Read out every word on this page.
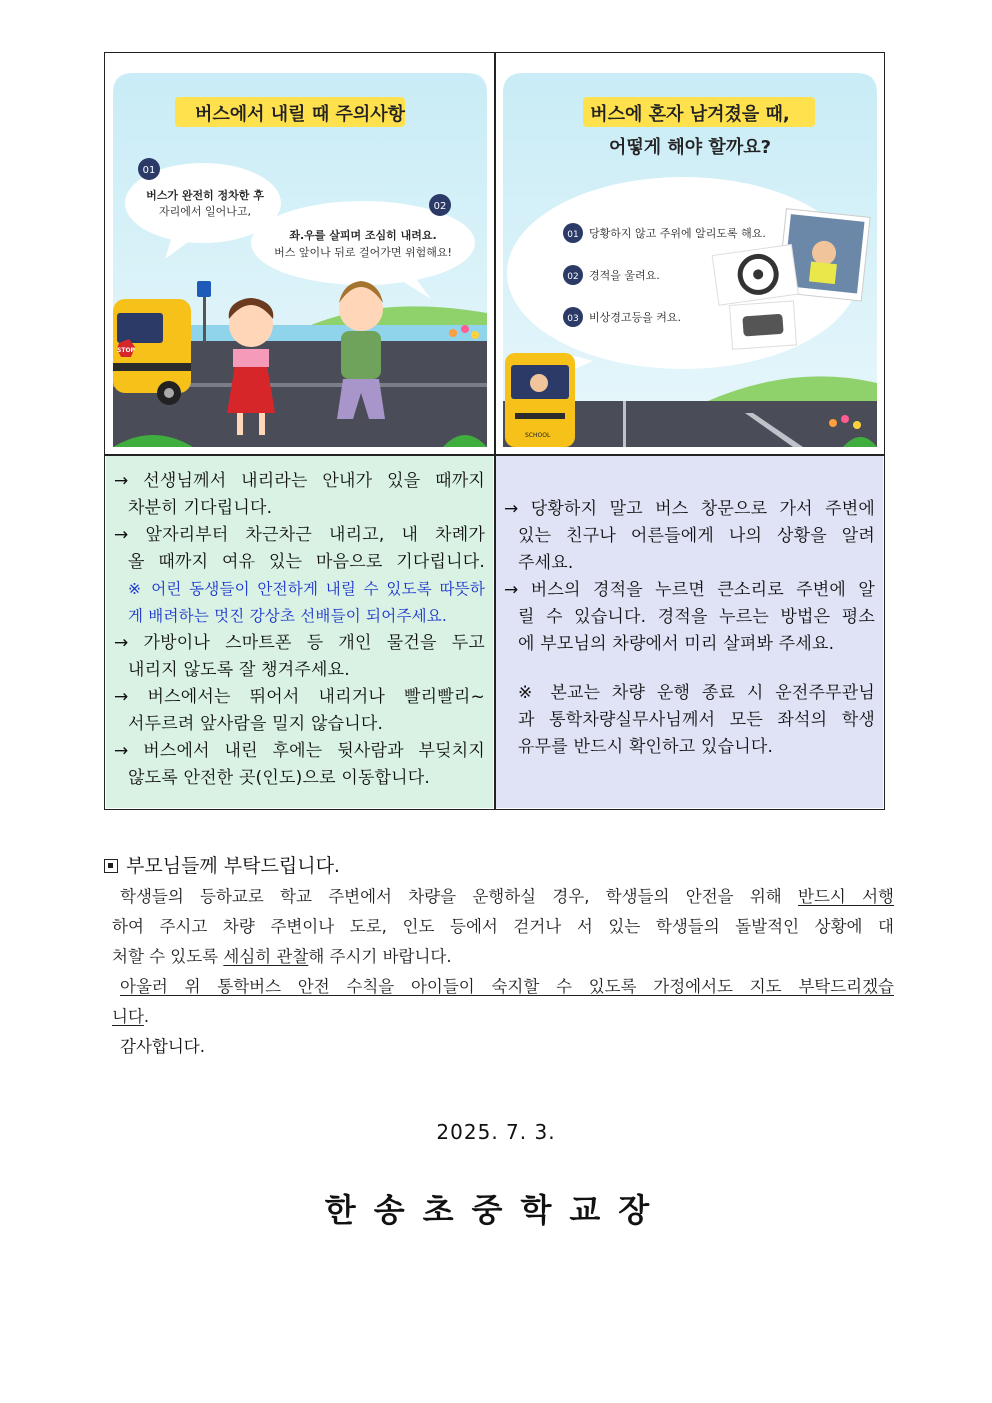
버스에서 내릴 때 주의사항
01
버스가 완전히 정차한 후
자리에서 일어나고,	02
좌.우를 살피며 조심히 내려요.
버스 앞이나 뒤로 걸어가면 위험해요!
STOP
버스에 혼자 남겨졌을 때,
어떻게 해야 할까요?
01 당황하지 않고 주위에 알리도록 해요.
02 경적을 울려요.
03 비상경고등을 켜요.
SCHOOL

→ 선생님께서 내리라는 안내가 있을 때까지

차분히 기다립니다.

→ 앞자리부터 차근차근 내리고, 내 차례가

올 때까지 여유 있는 마음으로 기다립니다.

※ 어린 동생들이 안전하게 내릴 수 있도록 따뜻하

게 배려하는 멋진 강상초 선배들이 되어주세요.

→ 가방이나 스마트폰 등 개인 물건을 두고

내리지 않도록 잘 챙겨주세요.

→ 버스에서는 뛰어서 내리거나 빨리빨리~

서두르려 앞사람을 밀지 않습니다.

→ 버스에서 내린 후에는 뒷사람과 부딪치지

않도록 안전한 곳(인도)으로 이동합니다.

→ 당황하지 말고 버스 창문으로 가서 주변에

있는 친구나 어른들에게 나의 상황을 알려

주세요.

→ 버스의 경적을 누르면 큰소리로 주변에 알

릴 수 있습니다. 경적을 누르는 방법은 평소

에 부모님의 차량에서 미리 살펴봐 주세요.

※ 본교는 차량 운행 종료 시 운전주무관님

과 통학차량실무사님께서 모든 좌석의 학생

유무를 반드시 확인하고 있습니다.

부모님들께 부탁드립니다.
학생들의 등하교로 학교 주변에서 차량을 운행하실 경우, 학생들의 안전을 위해 반드시 서행
하여 주시고 차량 주변이나 도로, 인도 등에서 걷거나 서 있는 학생들의 돌발적인 상황에 대
처할 수 있도록 세심히 관찰해 주시기 바랍니다.
아울러 위 통학버스 안전 수칙을 아이들이 숙지할 수 있도록 가정에서도 지도 부탁드리겠습
니다.
감사합니다.
2025. 7. 3.
한송초중학교장
